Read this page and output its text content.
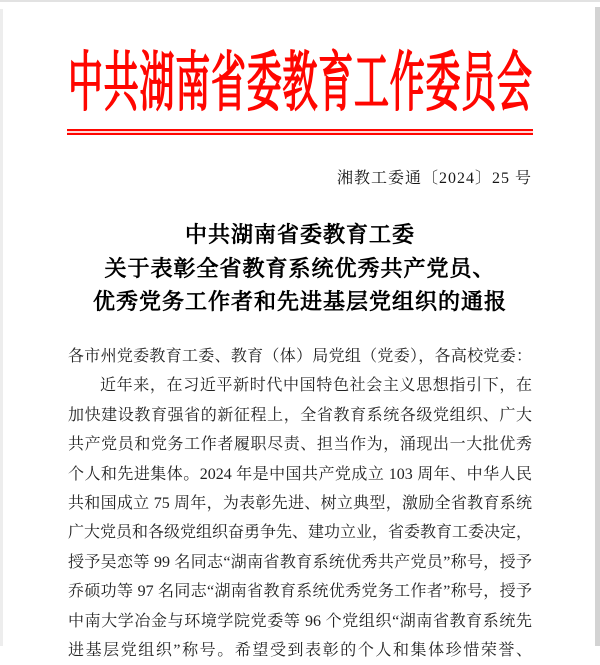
中共湖南省委教育工作委员会
湘教工委通〔2024〕25 号
中共湖南省委教育工委
关于表彰全省教育系统优秀共产党员、
优秀党务工作者和先进基层党组织的通报
各市州党委教育工委、教育（体）局党组（党委），各高校党委：
近年来，在习近平新时代中国特色社会主义思想指引下，在
加快建设教育强省的新征程上，全省教育系统各级党组织、广大
共产党员和党务工作者履职尽责、担当作为，涌现出一大批优秀
个人和先进集体。2024 年是中国共产党成立 103 周年、中华人民
共和国成立 75 周年，为表彰先进、树立典型，激励全省教育系统
广大党员和各级党组织奋勇争先、建功立业，省委教育工委决定，
授予吴恋等 99 名同志“湖南省教育系统优秀共产党员”称号，授予
乔硕功等 97 名同志“湖南省教育系统优秀党务工作者”称号，授予
中南大学冶金与环境学院党委等 96 个党组织“湖南省教育系统先
进基层党组织”称号。希望受到表彰的个人和集体珍惜荣誉、
